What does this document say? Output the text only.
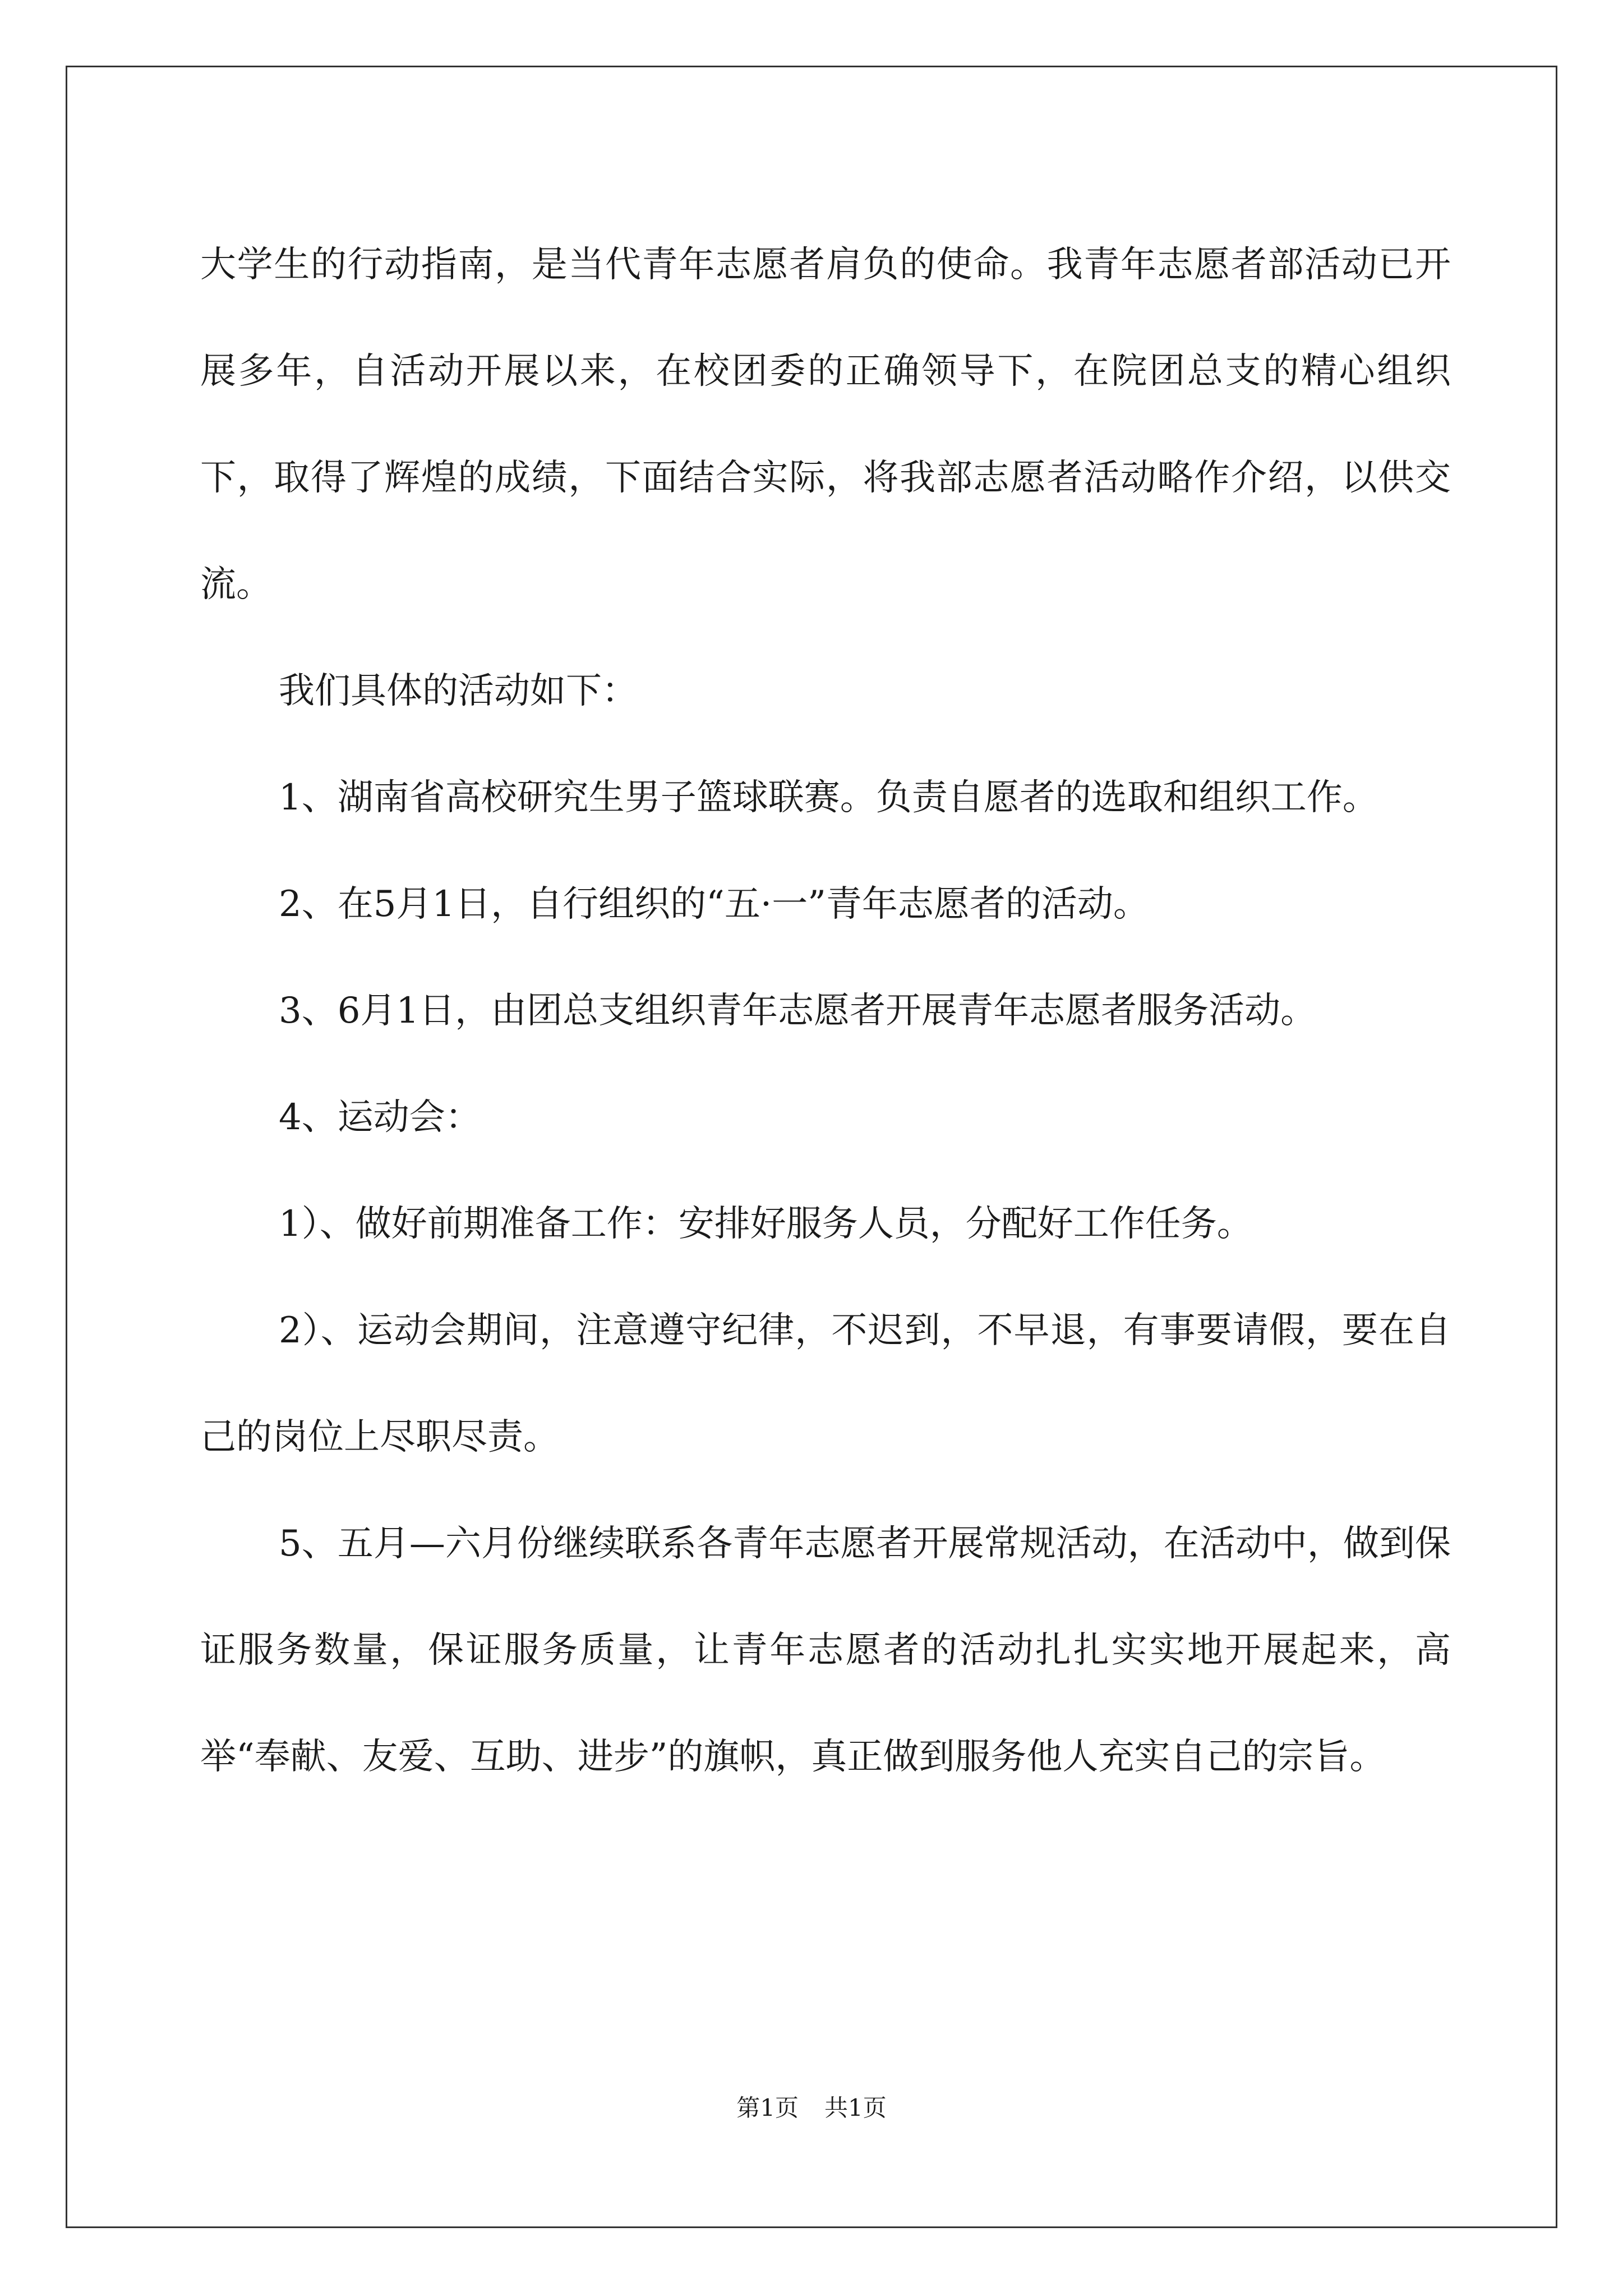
大学生的行动指南，是当代青年志愿者肩负的使命。我青年志愿者部活动已开展多年，自活动开展以来，在校团委的正确领导下，在院团总支的精心组织下，取得了辉煌的成绩，下面结合实际，将我部志愿者活动略作介绍，以供交流。

我们具体的活动如下：

1、湖南省高校研究生男子篮球联赛。负责自愿者的选取和组织工作。

2、在5月1日，自行组织的“五·一”青年志愿者的活动。

3、6月1日，由团总支组织青年志愿者开展青年志愿者服务活动。

4、运动会：

1）、做好前期准备工作：安排好服务人员，分配好工作任务。

2）、运动会期间，注意遵守纪律，不迟到，不早退，有事要请假，要在自己的岗位上尽职尽责。

5、五月—六月份继续联系各青年志愿者开展常规活动，在活动中，做到保证服务数量，保证服务质量，让青年志愿者的活动扎扎实实地开展起来，高举“奉献、友爱、互助、进步”的旗帜，真正做到服务他人充实自己的宗旨。

第1页 共1页
